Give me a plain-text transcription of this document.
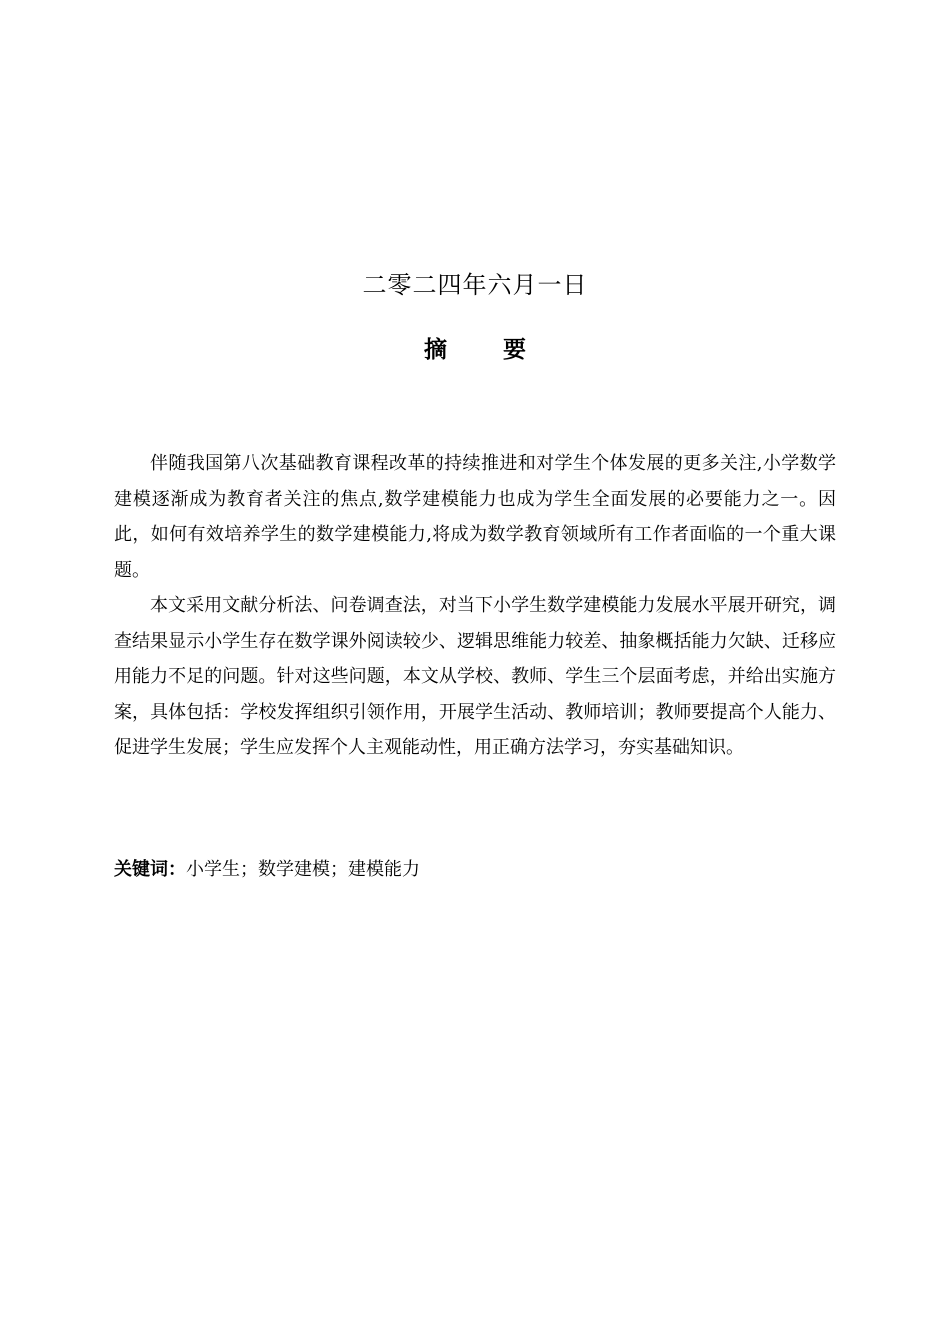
二零二四年六月一日
摘 要

伴随我国第八次基础教育课程改革的持续推进和对学生个体发展的更多关注,小学数学建模逐渐成为教育者关注的焦点,数学建模能力也成为学生全面发展的必要能力之一。因此，如何有效培养学生的数学建模能力,将成为数学教育领域所有工作者面临的一个重大课题。

本文采用文献分析法、问卷调查法，对当下小学生数学建模能力发展水平展开研究，调查结果显示小学生存在数学课外阅读较少、逻辑思维能力较差、抽象概括能力欠缺、迁移应用能力不足的问题。针对这些问题，本文从学校、教师、学生三个层面考虑，并给出实施方案，具体包括：学校发挥组织引领作用，开展学生活动、教师培训；教师要提高个人能力、促进学生发展；学生应发挥个人主观能动性，用正确方法学习，夯实基础知识。

关键词：小学生；数学建模；建模能力
